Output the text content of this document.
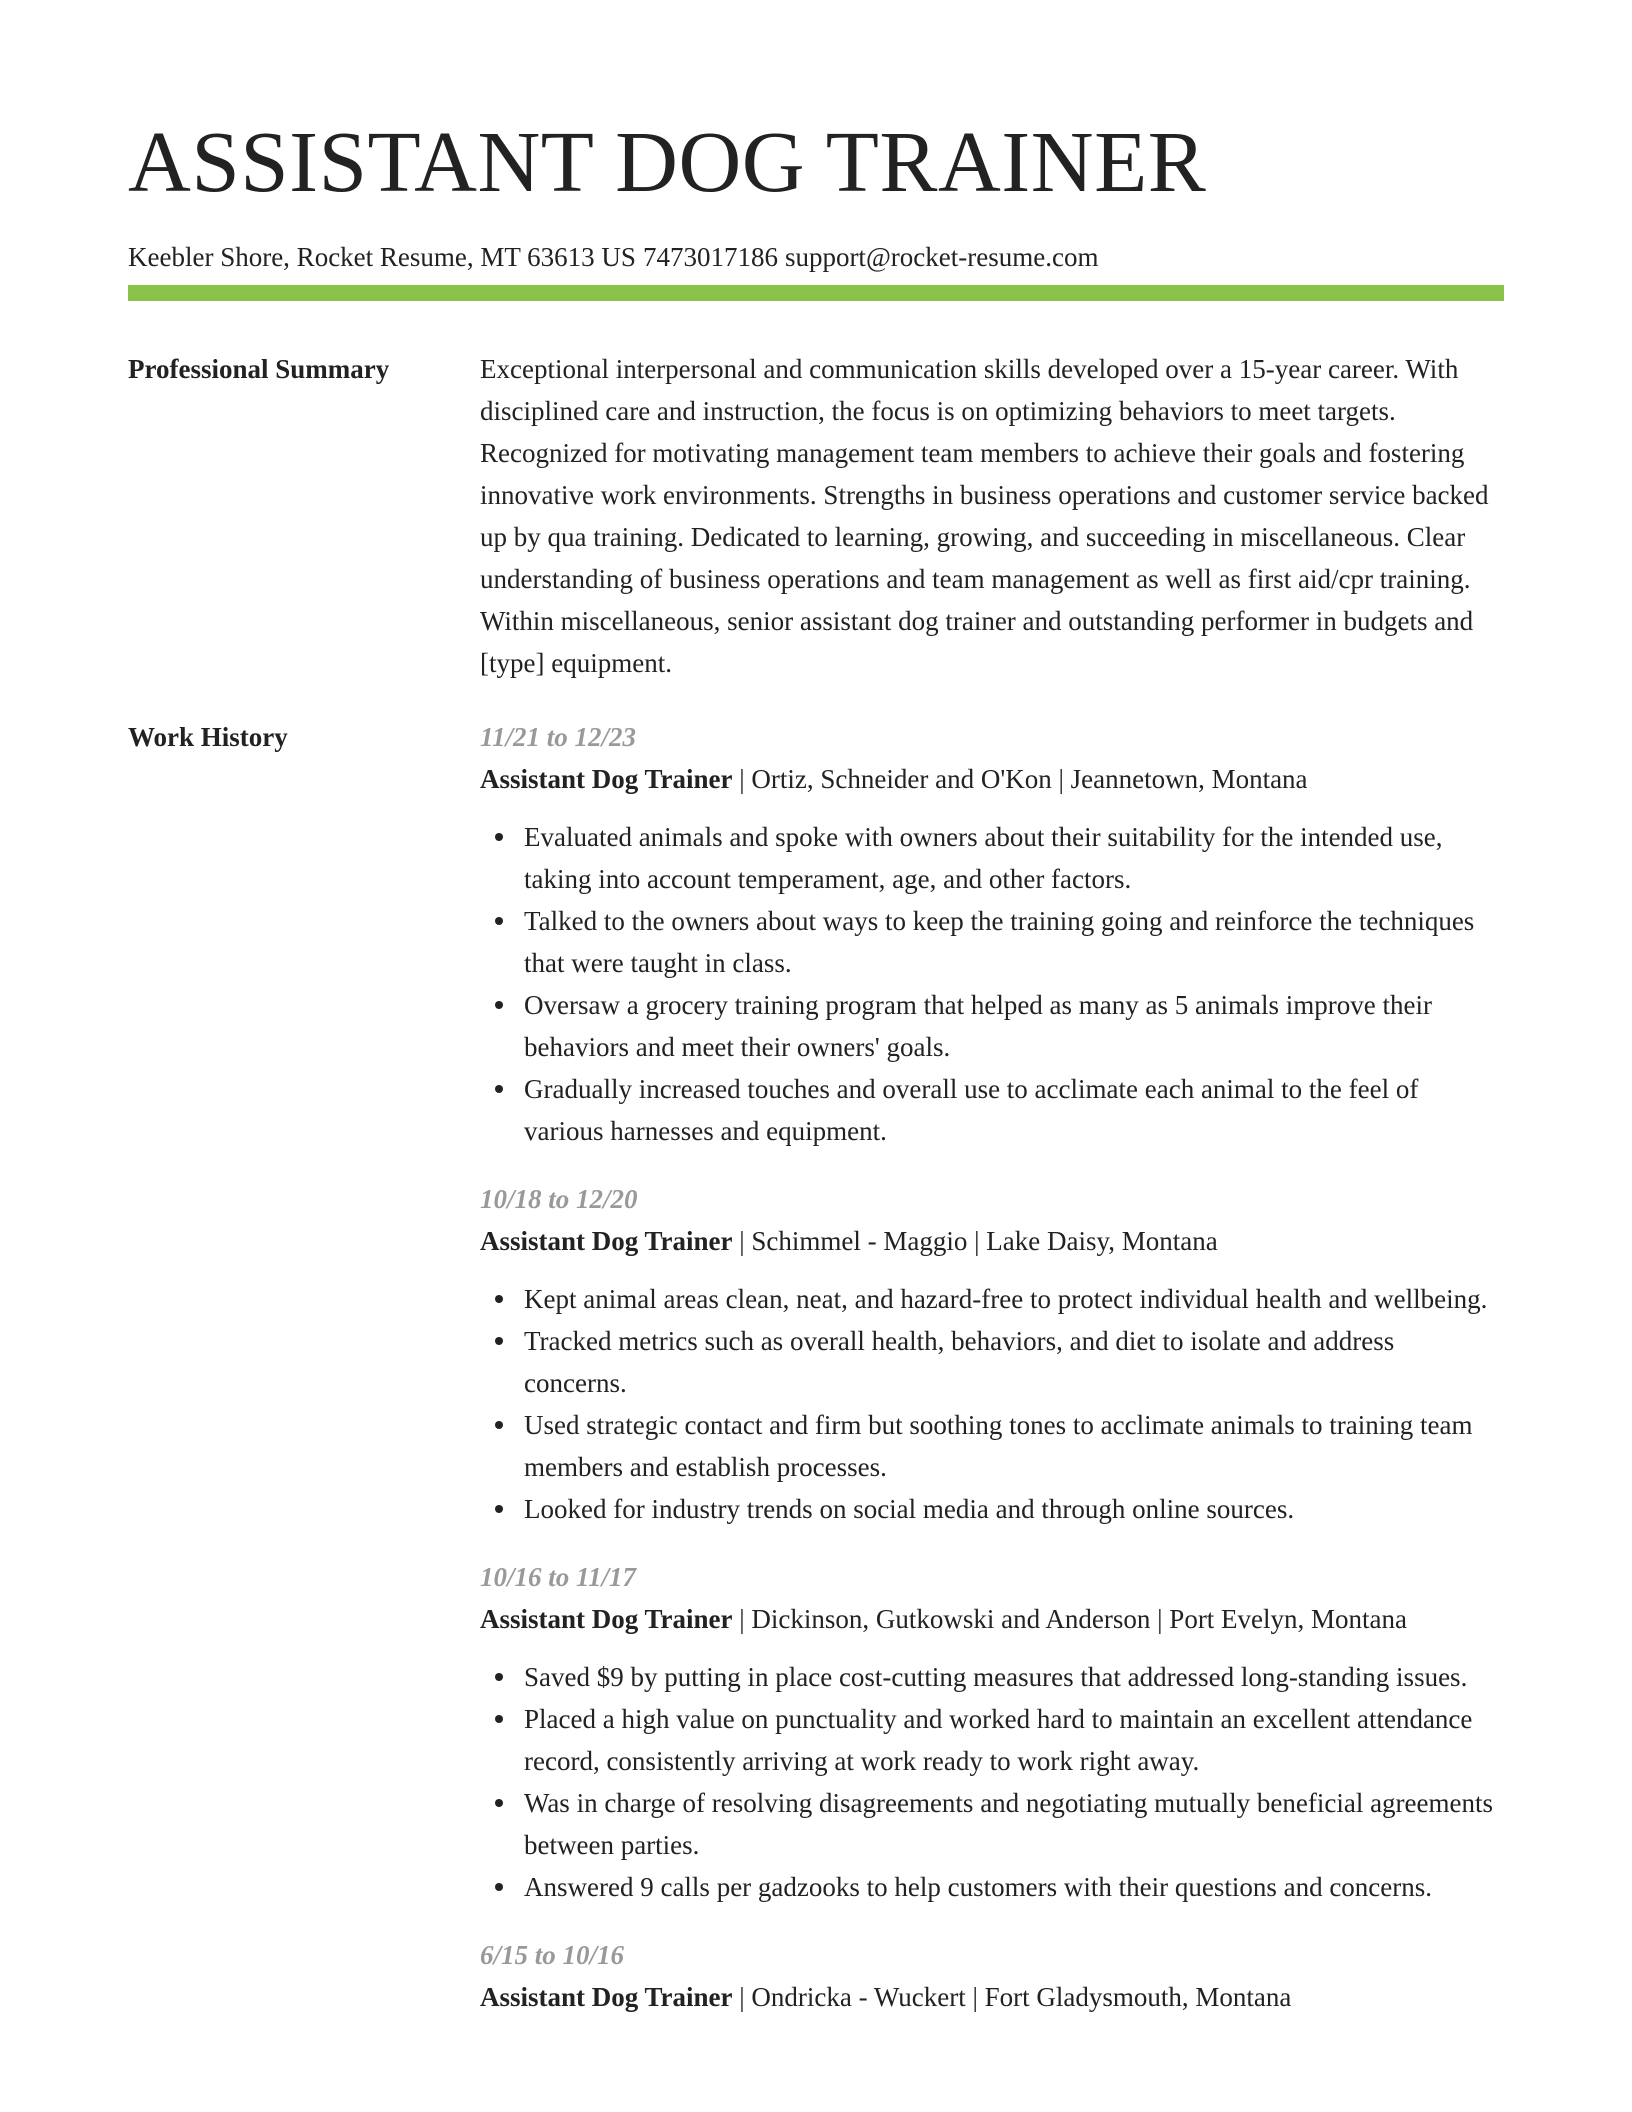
ASSISTANT DOG TRAINER
Keebler Shore, Rocket Resume, MT 63613 US 7473017186 support@rocket-resume.com
Professional Summary	Exceptional interpersonal and communication skills developed over a 15-year career. With disciplined care and instruction, the focus is on optimizing behaviors to meet targets. Recognized for motivating management team members to achieve their goals and fostering innovative work environments. Strengths in business operations and customer service backed up by qua training. Dedicated to learning, growing, and succeeding in miscellaneous. Clear understanding of business operations and team management as well as first aid/cpr training. Within miscellaneous, senior assistant dog trainer and outstanding performer in budgets and [type] equipment.

Work History	11/21 to 12/23
Assistant Dog Trainer | Ortiz, Schneider and O'Kon | Jeannetown, Montana
Evaluated animals and spoke with owners about their suitability for the intended use, taking into account temperament, age, and other factors.
Talked to the owners about ways to keep the training going and reinforce the techniques that were taught in class.
Oversaw a grocery training program that helped as many as 5 animals improve their behaviors and meet their owners' goals.
Gradually increased touches and overall use to acclimate each animal to the feel of various harnesses and equipment.
10/18 to 12/20
Assistant Dog Trainer | Schimmel - Maggio | Lake Daisy, Montana
Kept animal areas clean, neat, and hazard-free to protect individual health and wellbeing.
Tracked metrics such as overall health, behaviors, and diet to isolate and address concerns.
Used strategic contact and firm but soothing tones to acclimate animals to training team members and establish processes.
Looked for industry trends on social media and through online sources.
10/16 to 11/17
Assistant Dog Trainer | Dickinson, Gutkowski and Anderson | Port Evelyn, Montana
Saved $9 by putting in place cost-cutting measures that addressed long-standing issues.
Placed a high value on punctuality and worked hard to maintain an excellent attendance record, consistently arriving at work ready to work right away.
Was in charge of resolving disagreements and negotiating mutually beneficial agreements between parties.
Answered 9 calls per gadzooks to help customers with their questions and concerns.
6/15 to 10/16
Assistant Dog Trainer | Ondricka - Wuckert | Fort Gladysmouth, Montana
